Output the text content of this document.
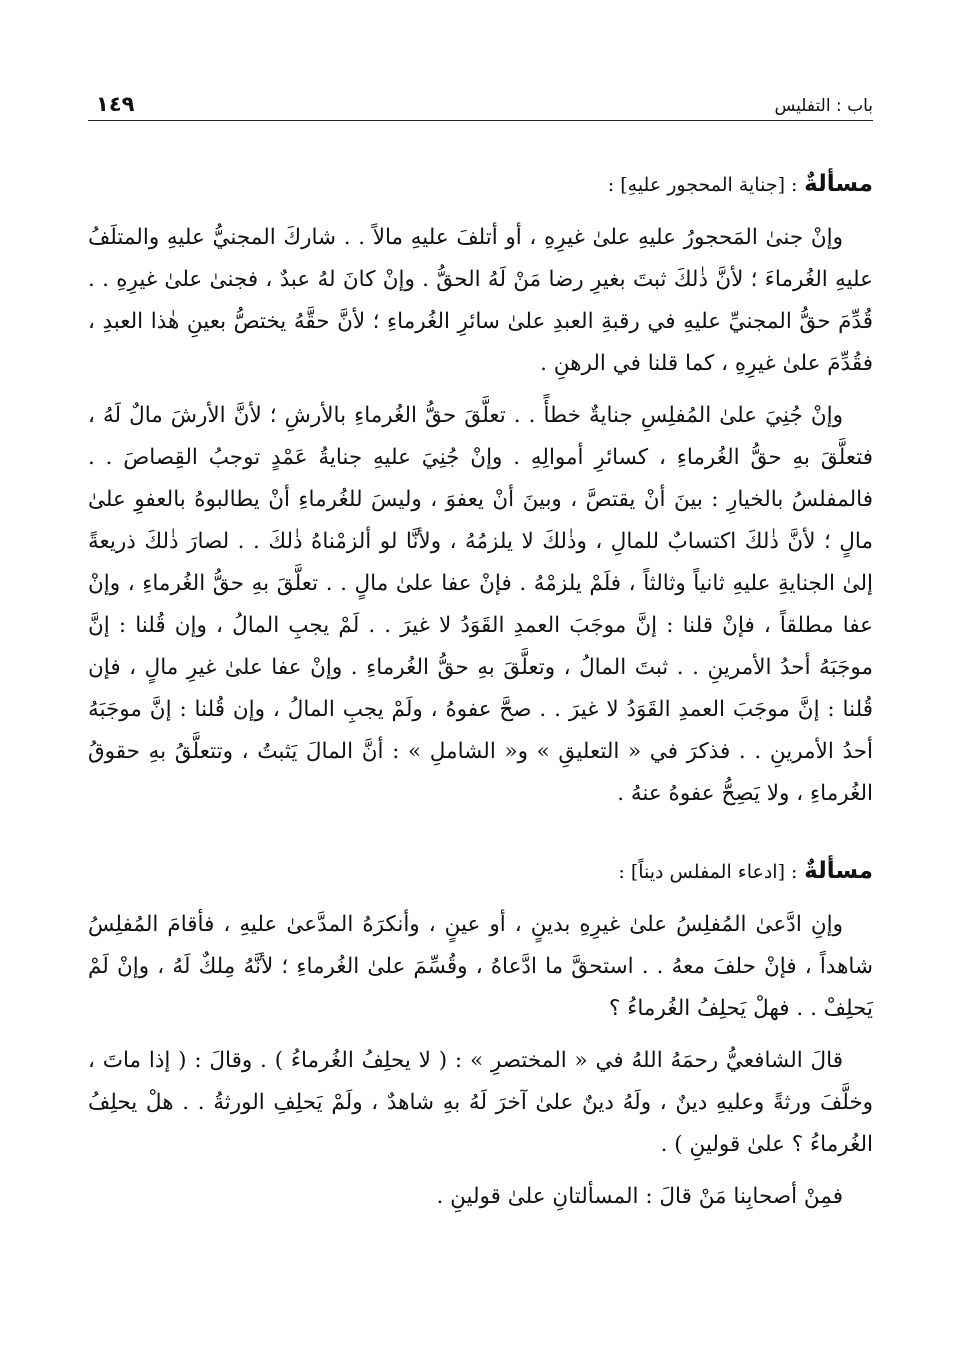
باب : التفليس
١٤٩

مسألةٌ : [جناية المحجور عليهِ] :

وإنْ جنىٰ المَحجورُ عليهِ علىٰ غيرِهِ ، أو أتلفَ عليهِ مالاً . . شاركَ المجنيُّ عليهِ والمتلَفُ عليهِ الغُرماءَ ؛ لأنَّ ذٰلكَ ثبتَ بغيرِ رضا مَنْ لَهُ الحقُّ . وإنْ كانَ لهُ عبدٌ ، فجنىٰ علىٰ غيرِهِ . . قُدِّمَ حقُّ المجنيِّ عليهِ في رقبةِ العبدِ علىٰ سائرِ الغُرماءِ ؛ لأنَّ حقَّهُ يختصُّ بعينِ هٰذا العبدِ ، فقُدِّمَ علىٰ غيرِهِ ، كما قلنا في الرهنِ .

وإنْ جُنِيَ علىٰ المُفلِسِ جنايةٌ خطأً . . تعلَّقَ حقُّ الغُرماءِ بالأرشِ ؛ لأنَّ الأرشَ مالٌ لَهُ ، فتعلَّقَ بهِ حقُّ الغُرماءِ ، كسائرِ أموالِهِ . وإنْ جُنِيَ عليهِ جنايةُ عَمْدٍ توجبُ القِصاصَ . . فالمفلسُ بالخيارِ : بينَ أنْ يقتصَّ ، وبينَ أنْ يعفوَ ، وليسَ للغُرماءِ أنْ يطالبوهُ بالعفوِ علىٰ مالٍ ؛ لأنَّ ذٰلكَ اكتسابٌ للمالِ ، وذٰلكَ لا يلزمُهُ ، ولأنَّا لو ألزمْناهُ ذٰلكَ . . لصارَ ذٰلكَ ذريعةً إلىٰ الجنايةِ عليهِ ثانياً وثالثاً ، فلَمْ يلزمْهُ . فإنْ عفا علىٰ مالٍ . . تعلَّقَ بهِ حقُّ الغُرماءِ ، وإنْ عفا مطلقاً ، فإنْ قلنا : إنَّ موجَبَ العمدِ القَوَدُ لا غيرَ . . لَمْ يجبِ المالُ ، وإن قُلنا : إنَّ موجَبَهُ أحدُ الأمرينِ . . ثبتَ المالُ ، وتعلَّقَ بهِ حقُّ الغُرماءِ . وإنْ عفا علىٰ غيرِ مالٍ ، فإن قُلنا : إنَّ موجَبَ العمدِ القَوَدُ لا غيرَ . . صحَّ عفوهُ ، ولَمْ يجبِ المالُ ، وإن قُلنا : إنَّ موجَبَهُ أحدُ الأمرينِ . . فذكرَ في « التعليقِ » و« الشاملِ » : أنَّ المالَ يَثبتُ ، وتتعلَّقُ بهِ حقوقُ الغُرماءِ ، ولا يَصِحُّ عفوهُ عنهُ .

مسألةٌ : [ادعاء المفلس ديناً] :

وإنِ ادَّعىٰ المُفلِسُ علىٰ غيرِهِ بدينٍ ، أو عينٍ ، وأنكرَهُ المدَّعىٰ عليهِ ، فأقامَ المُفلِسُ شاهداً ، فإنْ حلفَ معهُ . . استحقَّ ما ادَّعاهُ ، وقُسِّمَ علىٰ الغُرماءِ ؛ لأنَّهُ مِلكٌ لَهُ ، وإنْ لَمْ يَحلِفْ . . فهلْ يَحلِفُ الغُرماءُ ؟

قالَ الشافعيُّ رحمَهُ اللهُ في « المختصرِ » : ( لا يحلِفُ الغُرماءُ ) . وقالَ : ( إذا ماتَ ، وخلَّفَ ورثةً وعليهِ دينٌ ، ولَهُ دينٌ علىٰ آخرَ لَهُ بهِ شاهدٌ ، ولَمْ يَحلِفِ الورثةُ . . هلْ يحلِفُ الغُرماءُ ؟ علىٰ قولينِ ) .

فمِنْ أصحابِنا مَنْ قالَ : المسألتانِ علىٰ قولينِ .
